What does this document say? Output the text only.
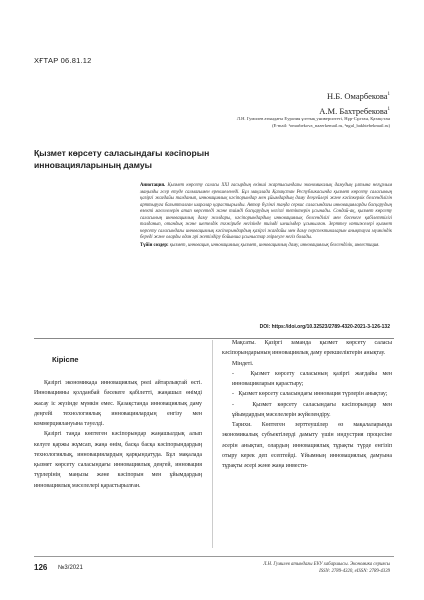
ХҒТАР 06.81.12
Н.Б. Омарбекова$^1$
А.М. Бахтребекова$^1$
Л.Н. Гумилев атындағы Еуразия ұлттық университеті, Нұр-Сұлтан, Қазақстан
(E-mail: ¹omarbekova_nazerkemail.ru, ²ngul_bakhtebekmail.ru)
Қызмет көрсету саласындағы кәсіпорын
инновацияларының дамуы
Аннотация. Қызмет көрсету саласы XXI ғасырдың екінші жартысындағы экономикалық дамудың ұлтына неғұрлым маңызды әсер етуде салмағымен ерекшеленеді. Бұл мақалада Қазақстан Республикасында қызмет көрсету саласының қазіргі жағдайы талданып, инновациялық кәсіпорындар мен ұйымдардың даму деңгейлері және кәсіпкерлік белсенділігін арттыруға бағытталған шаралар қарастырылды. Автор бүгінгі таңда сервис саласындағы инновацияларды басқарудың өзекті мәселелерін атап көрсетеді және тиімді басқарудың негізгі тетіктерін ұсынады. Сондай-ақ, қызмет көрсету саласының инновациялық даму жолдары, кәсіпорындардың инновациялық белсенділігі мен бәсекеге қабілеттілігі талданып, отандық және шетелдік тәжірибе негізінде тиімді шешімдер ұсынылған. Зерттеу нәтижелері қызмет көрсету саласындағы инновациялық кәсіпорындардың қазіргі жағдайы мен даму перспективаларын анықтауға мүмкіндік береді және оларды одан әрі жетілдіру бойынша ұсыныстар әзірлеуге негіз болады.
Түйін сөздер: қызмет, инновация, инновациялық қызмет, инновациялық даму, инновациялық белсенділік, инвестиция.
DOI: https://doi.org/10.32523/2789-4320-2021-3-126-132
Кіріспе

Қазіргі экономикада инновациялық рөлі айтарлықтай өсті. Инновацияны қолданбай бәсекеге қабілетті, жаңашыл өнімді жасау іс жүзінде мүмкін емес. Қазақстанда инновациялық даму деңгейі технологиялық инновациялардың енгізу мен коммерциялануына тәуелді.

Қазіргі таңда көптеген кәсіпорындар жаңашылдық алып келуге қаржы жұмсап, жаңа өнім, басқа басқа кәсіпорындардың технологиялық, инновациялардың қарқындатуда. Бұл мақалада қызмет көрсету саласындағы инновациялық деңгей, инновация түрлерінің маңызы және кәсіпорын мен ұйымдардың инновациялық мәселелері қарастырылған.

Мақсаты. Қазіргі заманда қызмет көрсету саласы кәсіпорындарының инновациялық даму ерекшеліктерін анықтау.

Міндеті.

-   Қызмет көрсету саласының қазіргі жағдайы мен инновацияларын қарастыру;

-   Қызмет көрсету саласындағы инновация түрлерін анықтау;

-   Қызмет көрсету саласындағы кәсіпорындар мен ұйымдардың мәселелерін жүйелендіру.

Тарихи. Көптеген зерттеушілер өз мақалаларында экономикалық субъектілерді дамыту үшін индустрия процесіне әсерін анықтап, олардың инновациялық тұрақты түрде енгізіп отыру керек деп есептейді. Ұйымның инновациялық дамуына тұрақты әсері және жаңа инвести-

126 №3/2021
Л.Н. Гумилев атындағы ЕҰУ хабаршысы. Экономика сериясы
ISSN: 2789-4320, eISSN: 2789-4339
